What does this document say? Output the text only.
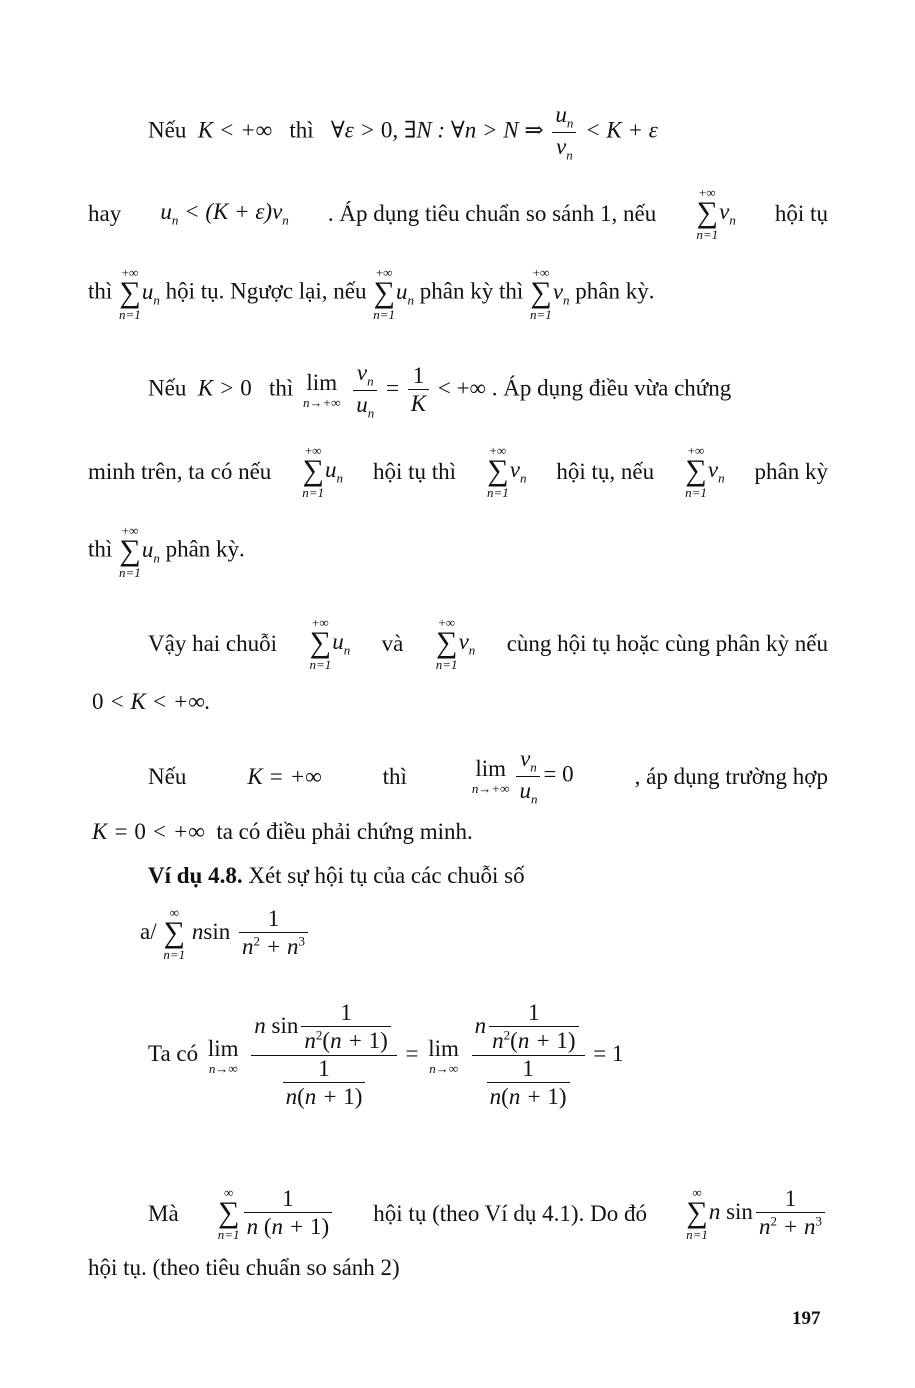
Nếu  K < +∞   thì   ∀ε > 0, ∃N : ∀n > N ⇒ $\frac{u_n}{v_n} < K + \varepsilon$
hay $u_n < (K + \varepsilon)v_n$ . Áp dụng tiêu chuẩn so sánh 1, nếu
+∞
∑
n=1
$v_n$ hội tụ
thì
+∞
∑
n=1
$u_n$ hội tụ. Ngược lại, nếu
+∞
∑
n=1
$u_n$ phân kỳ thì
+∞
∑
n=1
$v_n$ phân kỳ.
Nếu  K > 0 thì lim
n→+∞
$\frac{v_n}{u_n} = \frac{1}{K}$ < +∞ . Áp dụng điều vừa chứng
minh trên, ta có nếu
+∞
∑
n=1
$u_n$ hội tụ thì
+∞
∑
n=1
$v_n$ hội tụ, nếu
+∞
∑
n=1
$v_n$ phân kỳ
thì
+∞
∑
n=1
$u_n$ phân kỳ.
Vậy hai chuỗi
+∞
∑
n=1
$u_n$ và
+∞
∑
n=1
$v_n$ cùng hội tụ hoặc cùng phân kỳ nếu
0 < K < +∞.
Nếu	K = +∞	thì	lim
$n\to+\infty \frac{v_n}{u_n} = 0$	, áp dụng trường hợp
K = 0 < +∞  ta có điều phải chứng minh.
Ví dụ 4.8. Xét sự hội tụ của các chuỗi số
a/
∞
∑
n=1
nsin $\frac{1}{n^2 + n^3}$
Ta có lim
n→∞
$\frac{n \sin \frac{1}{n^2(n + 1)}}{\frac{1}{n(n + 1)}} = \lim$
n→∞
$\frac{n \frac{1}{n^2(n + 1)}}{\frac{1}{n(n + 1)}} = 1$
Mà
∞
∑
$n=1 \frac{1}{n (n + 1)}$ hội tụ (theo Ví dụ 4.1). Do đó
∞
∑
n=1
n $\sin \frac{1}{n^2 + n^3}$
hội tụ. (theo tiêu chuẩn so sánh 2)
197
